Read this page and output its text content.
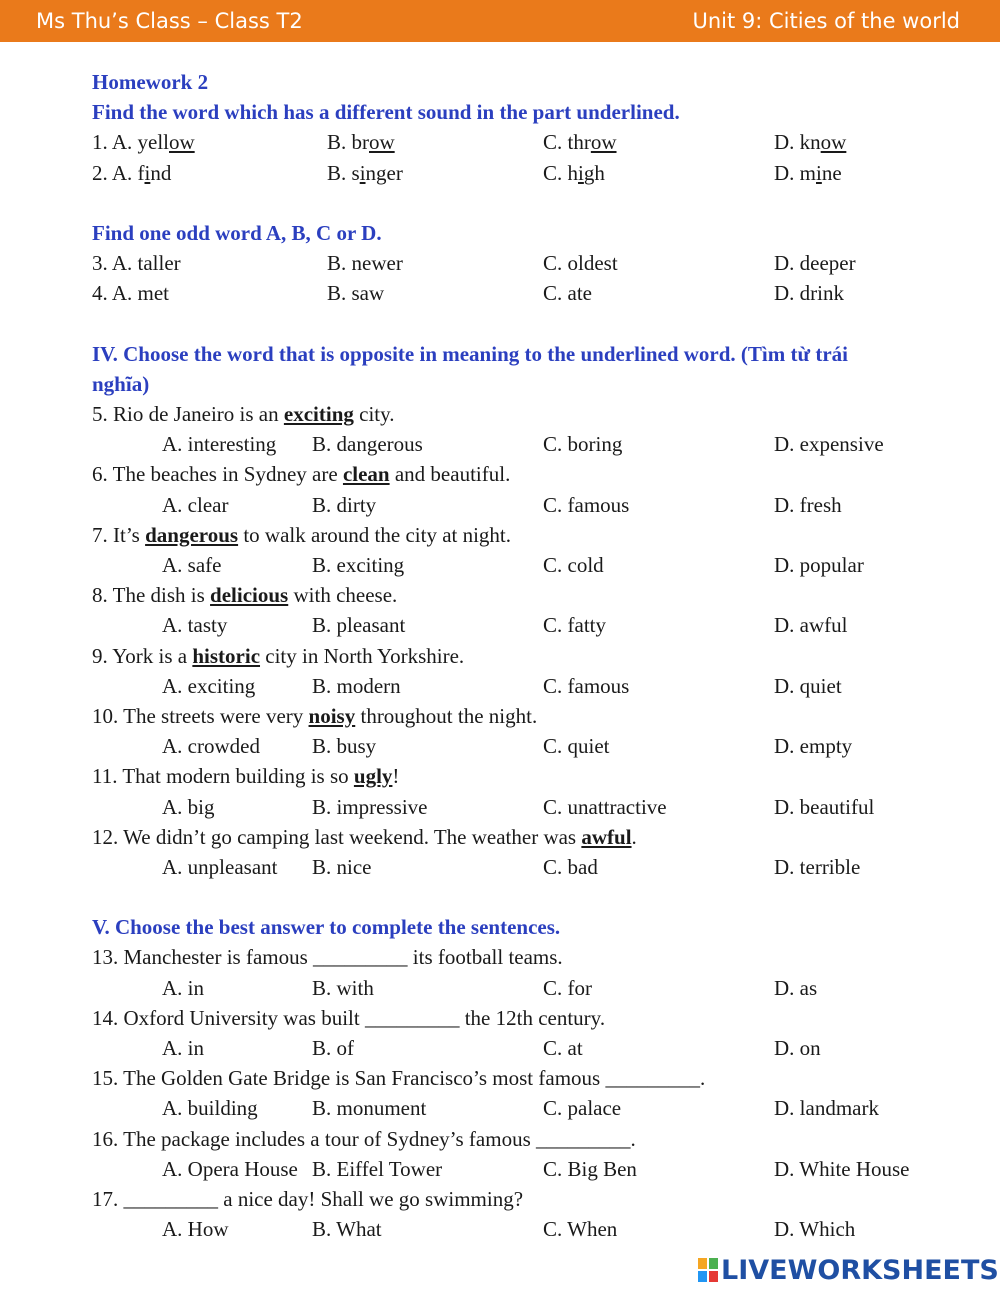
Ms Thu’s Class – Class T2	Unit 9: Cities of the world
Homework 2
Find the word which has a different sound in the part underlined.
1. A. yellow	B. brow	C. throw	D. know
2. A. find	B. singer	C. high	D. mine
Find one odd word A, B, C or D.
3. A. taller	B. newer	C. oldest	D. deeper
4. A. met	B. saw	C. ate	D. drink
IV. Choose the word that is opposite in meaning to the underlined word. (Tìm từ trái
nghĩa)
5. Rio de Janeiro is an exciting city.
A. interesting B. dangerous	C. boring	D. expensive
6. The beaches in Sydney are clean and beautiful.
A. clear	B. dirty	C. famous	D. fresh
7. It’s dangerous to walk around the city at night.
A. safe	B. exciting	C. cold	D. popular
8. The dish is delicious with cheese.
A. tasty	B. pleasant	C. fatty	D. awful
9. York is a historic city in North Yorkshire.
A. exciting	B. modern	C. famous	D. quiet
10. The streets were very noisy throughout the night.
A. crowded B. busy	C. quiet	D. empty
11. That modern building is so ugly!
A. big	B. impressive	C. unattractive	D. beautiful
12. We didn’t go camping last weekend. The weather was awful.
A. unpleasant B. nice	C. bad	D. terrible
V. Choose the best answer to complete the sentences.
13. Manchester is famous _________ its football teams.
A. in	B. with	C. for	D. as
14. Oxford University was built _________ the 12th century.
A. in	B. of	C. at	D. on
15. The Golden Gate Bridge is San Francisco’s most famous _________.
A. building	B. monument	C. palace	D. landmark
16. The package includes a tour of Sydney’s famous _________.
A. Opera House B. Eiffel Tower	C. Big Ben	D. White House
17. _________ a nice day! Shall we go swimming?
A. How	B. What	C. When	D. Which
LIVEWORKSHEETS
